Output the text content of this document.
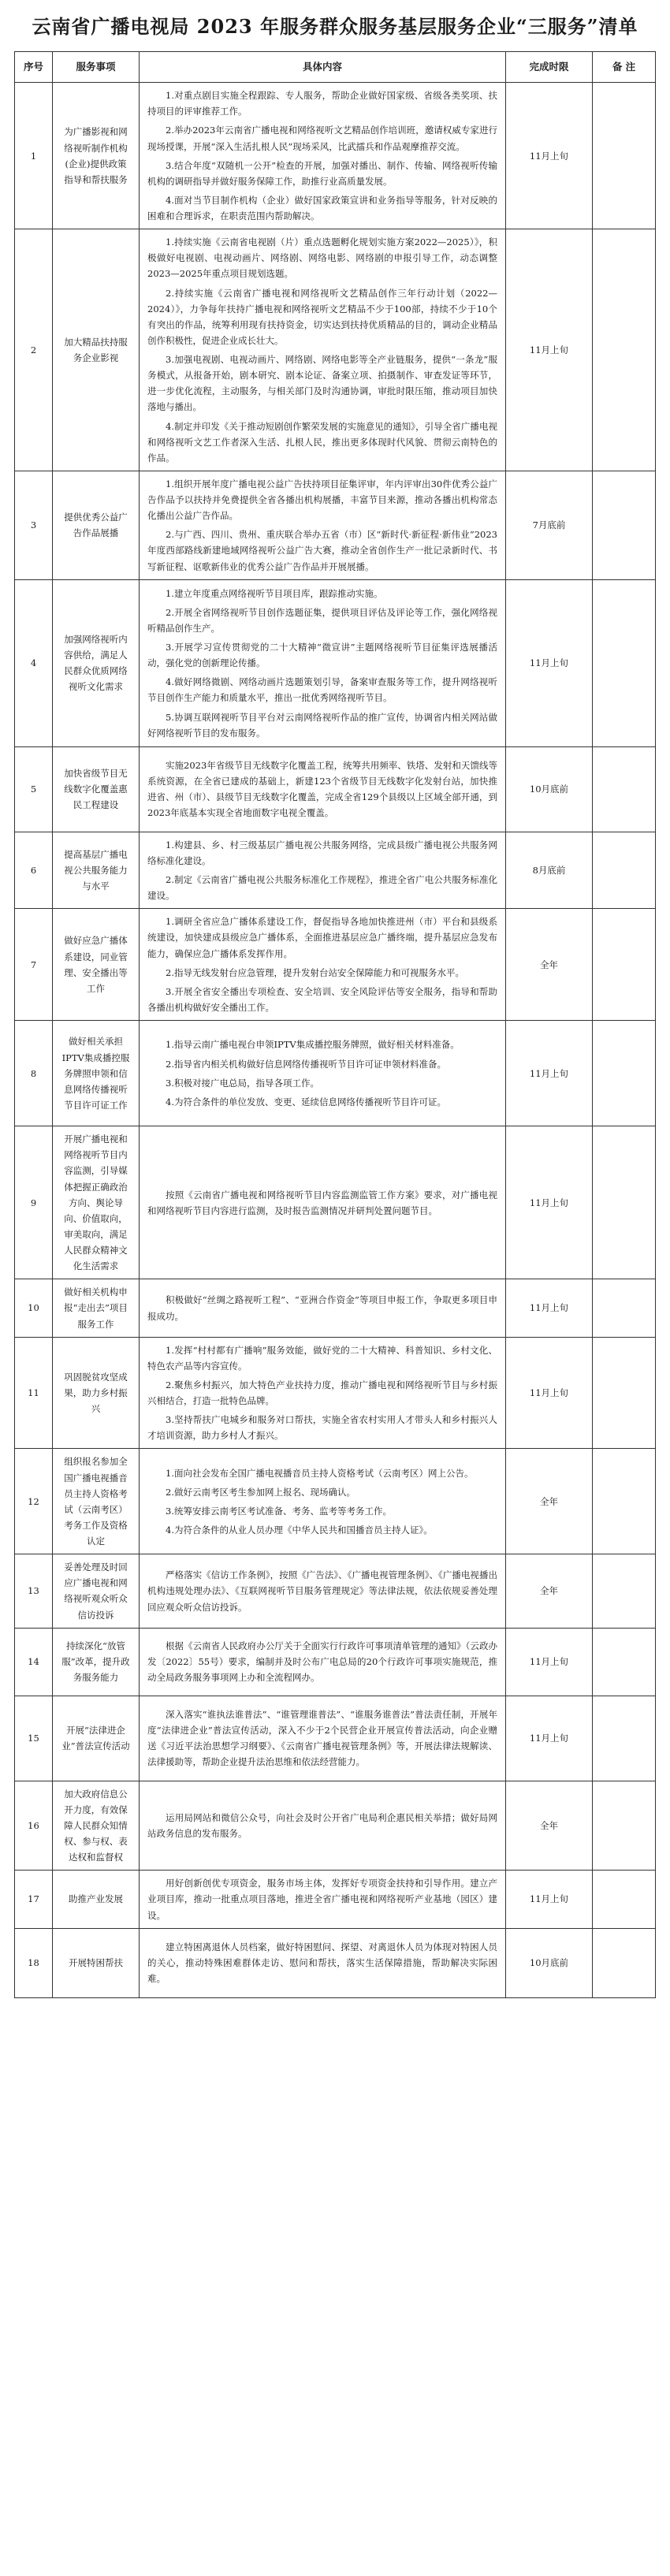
云南省广播电视局 2023 年服务群众服务基层服务企业“三服务”清单
序号	服务事项	具体内容	完成时限	备 注
1	为广播影视和网络视听制作机构(企业)提供政策指导和帮扶服务	1.对重点剧目实施全程跟踪、专人服务，帮助企业做好国家级、省级各类奖项、扶持项目的评审推荐工作。

2.举办2023年云南省广播电视和网络视听文艺精品创作培训班，邀请权威专家进行现场授课，开展“深入生活扎根人民”现场采风，比武擂兵和作品观摩推荐交流。

3.结合年度“双随机一公开”检查的开展，加强对播出、制作、传输、网络视听传输机构的调研指导并做好服务保障工作，助推行业高质量发展。

4.面对当节目制作机构（企业）做好国家政策宣讲和业务指导等服务，针对反映的困难和合理诉求，在职责范围内帮助解决。	11月上旬	
2	加大精品扶持服务企业影视	1.持续实施《云南省电视剧（片）重点选题孵化规划实施方案2022—2025）》，积极做好电视剧、电视动画片、网络剧、网络电影、网络剧的申报引导工作，动态调整2023—2025年重点项目规划选题。

2.持续实施《云南省广播电视和网络视听文艺精品创作三年行动计划（2022—2024）》，力争每年扶持广播电视和网络视听文艺精品不少于100部，持续不少于10个有突出的作品，统筹利用现有扶持资金，切实达到扶持优质精品的目的，调动企业精品创作积极性，促进企业成长壮大。

3.加强电视剧、电视动画片、网络剧、网络电影等全产业链服务，提供“一条龙”服务模式，从报备开始，剧本研究、剧本论证、备案立项、拍摄制作、审查发证等环节，进一步优化流程，主动服务，与相关部门及时沟通协调，审批时限压缩，推动项目加快落地与播出。

4.制定并印发《关于推动短剧创作繁荣发展的实施意见的通知》，引导全省广播电视和网络视听文艺工作者深入生活、扎根人民，推出更多体现时代风貌、贯彻云南特色的作品。	11月上旬	
3	提供优秀公益广告作品展播	1.组织开展年度广播电视公益广告扶持项目征集评审，年内评审出30件优秀公益广告作品予以扶持并免费提供全省各播出机构展播，丰富节目来源，推动各播出机构常态化播出公益广告作品。

2.与广西、四川、贵州、重庆联合举办五省（市）区“新时代·新征程·新伟业”2023年度西部路线新建地域网络视听公益广告大赛，推动全省创作生产一批记录新时代、书写新征程、讴歌新伟业的优秀公益广告作品并开展展播。	7月底前	
4	加强网络视听内容供给，满足人民群众优质网络视听文化需求	1.建立年度重点网络视听节目项目库，跟踪推动实施。

2.开展全省网络视听节目创作选题征集，提供项目评估及评论等工作，强化网络视听精品创作生产。

3.开展学习宣传贯彻党的二十大精神“微宣讲”主题网络视听节目征集评选展播活动，强化党的创新理论传播。

4.做好网络微剧、网络动画片选题策划引导，备案审查服务等工作，提升网络视听节目创作生产能力和质量水平，推出一批优秀网络视听节目。

5.协调互联网视听节目平台对云南网络视听作品的推广宣传，协调省内相关网站做好网络视听节目的发布服务。	11月上旬	
5	加快省级节目无线数字化覆盖惠民工程建设	实施2023年省级节目无线数字化覆盖工程，统筹共用频率、铁塔、发射和天馈线等系统资源，在全省已建成的基础上，新建123个省级节目无线数字化发射台站，加快推进省、州（市）、县级节目无线数字化覆盖，完成全省129个县级以上区域全部开通，到2023年底基本实现全省地面数字电视全覆盖。	10月底前	
6	提高基层广播电视公共服务能力与水平	1.构建县、乡、村三级基层广播电视公共服务网络，完成县级广播电视公共服务网络标准化建设。

2.制定《云南省广播电视公共服务标准化工作规程》，推进全省广电公共服务标准化建设。	8月底前	
7	做好应急广播体系建设，同业管理、安全播出等工作	1.调研全省应急广播体系建设工作，督促指导各地加快推进州（市）平台和县级系统建设，加快建成县级应急广播体系，全面推进基层应急广播终端，提升基层应急发布能力，确保应急广播体系发挥作用。

2.指导无线发射台应急管理，提升发射台站安全保障能力和可视服务水平。

3.开展全省安全播出专项检查、安全培训、安全风险评估等安全服务，指导和帮助各播出机构做好安全播出工作。	全年	
8	做好相关承担IPTV集成播控服务牌照申领和信息网络传播视听节目许可证工作	1.指导云南广播电视台申领IPTV集成播控服务牌照，做好相关材料准备。

2.指导省内相关机构做好信息网络传播视听节目许可证申领材料准备。

3.积极对接广电总局，指导各项工作。

4.为符合条件的单位发放、变更、延续信息网络传播视听节目许可证。	11月上旬	
9	开展广播电视和网络视听节目内容监测，引导媒体把握正确政治方向、舆论导向、价值取向，审美取向，满足人民群众精神文化生活需求	按照《云南省广播电视和网络视听节目内容监测监管工作方案》要求，对广播电视和网络视听节目内容进行监测，及时报告监测情况并研判处置问题节目。	11月上旬	
10	做好相关机构申报“走出去”项目服务工作	积极做好“丝绸之路视听工程”、“亚洲合作资金”等项目申报工作，争取更多项目申报成功。	11月上旬	
11	巩固脱贫攻坚成果，助力乡村振兴	1.发挥“村村都有广播响”服务效能，做好党的二十大精神、科普知识、乡村文化、特色农产品等内容宣传。

2.聚焦乡村振兴，加大特色产业扶持力度，推动广播电视和网络视听节目与乡村振兴相结合，打造一批特色品牌。

3.坚持帮扶广电城乡和服务对口帮扶，实施全省农村实用人才带头人和乡村振兴人才培训资源，助力乡村人才振兴。	11月上旬	
12	组织报名参加全国广播电视播音员主持人资格考试（云南考区）考务工作及资格认定	1.面向社会发布全国广播电视播音员主持人资格考试（云南考区）网上公告。

2.做好云南考区考生参加网上报名、现场确认。

3.统筹安排云南考区考试准备、考务、监考等考务工作。

4.为符合条件的从业人员办理《中华人民共和国播音员主持人证》。	全年	
13	妥善处理及时回应广播电视和网络视听观众听众信访投诉	严格落实《信访工作条例》，按照《广告法》、《广播电视管理条例》、《广播电视播出机构违规处理办法》、《互联网视听节目服务管理规定》等法律法规，依法依规妥善处理回应观众听众信访投诉。	全年	
14	持续深化“放管服”改革，提升政务服务能力	根据《云南省人民政府办公厅关于全面实行行政许可事项清单管理的通知》（云政办发〔2022〕55号）要求，编制并及时公布广电总局的20个行政许可事项实施规范，推动全局政务服务事项网上办和全流程网办。	11月上旬	
15	开展“法律进企业”普法宣传活动	深入落实“谁执法谁普法”、“谁管理谁普法”、“谁服务谁普法”普法责任制，开展年度“法律进企业”普法宣传活动，深入不少于2个民营企业开展宣传普法活动，向企业赠送《习近平法治思想学习纲要》、《云南省广播电视管理条例》等，开展法律法规解读、法律援助等，帮助企业提升法治思维和依法经营能力。	11月上旬	
16	加大政府信息公开力度，有效保障人民群众知情权、参与权、表达权和监督权	运用局网站和微信公众号，向社会及时公开省广电局利企惠民相关举措；做好局网站政务信息的发布服务。	全年	
17	助推产业发展	用好创新创优专项资金，服务市场主体，发挥好专项资金扶持和引导作用。建立产业项目库，推动一批重点项目落地，推进全省广播电视和网络视听产业基地（园区）建设。	11月上旬	
18	开展特困帮扶	建立特困离退休人员档案，做好特困慰问、探望、对离退休人员为体现对特困人员的关心，推动特殊困难群体走访、慰问和帮扶，落实生活保障措施，帮助解决实际困难。	10月底前	
